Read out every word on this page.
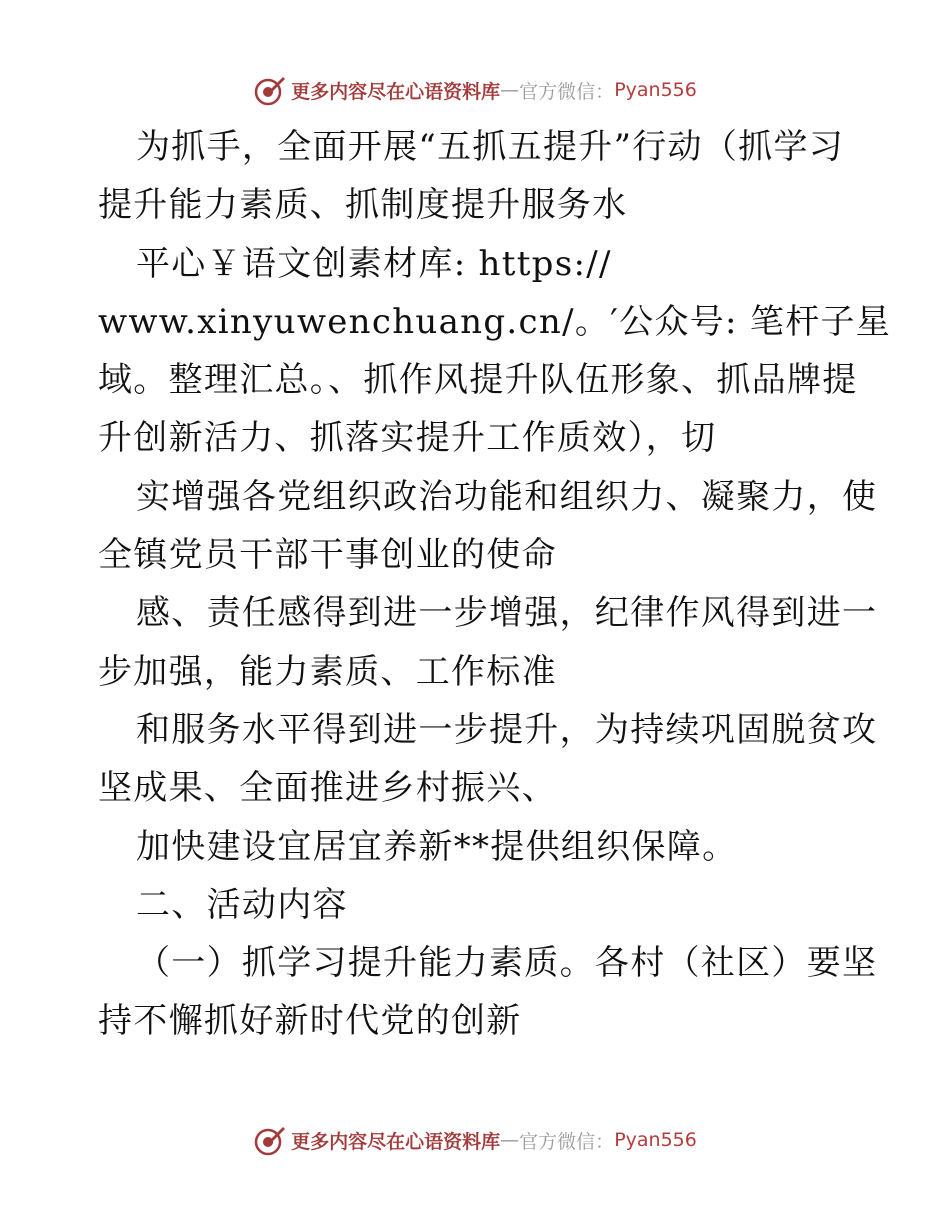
更多内容尽在心语资料库 — 官方微信： Pyan556
为抓手，全面开展“五抓五提升”行动（抓学习
提升能力素质、抓制度提升服务水
平心￥语文创素材库: https://
www.xinyuwenchuang.cn/。′公众号: 笔杆子星
域。整理汇总。、抓作风提升队伍形象、抓品牌提
升创新活力、抓落实提升工作质效），切
实增强各党组织政治功能和组织力、凝聚力，使
全镇党员干部干事创业的使命
感、责任感得到进一步增强，纪律作风得到进一
步加强，能力素质、工作标准
和服务水平得到进一步提升，为持续巩固脱贫攻
坚成果、全面推进乡村振兴、
加快建设宜居宜养新**提供组织保障。
二、活动内容
（一）抓学习提升能力素质。各村（社区）要坚
持不懈抓好新时代党的创新
更多内容尽在心语资料库 — 官方微信： Pyan556
